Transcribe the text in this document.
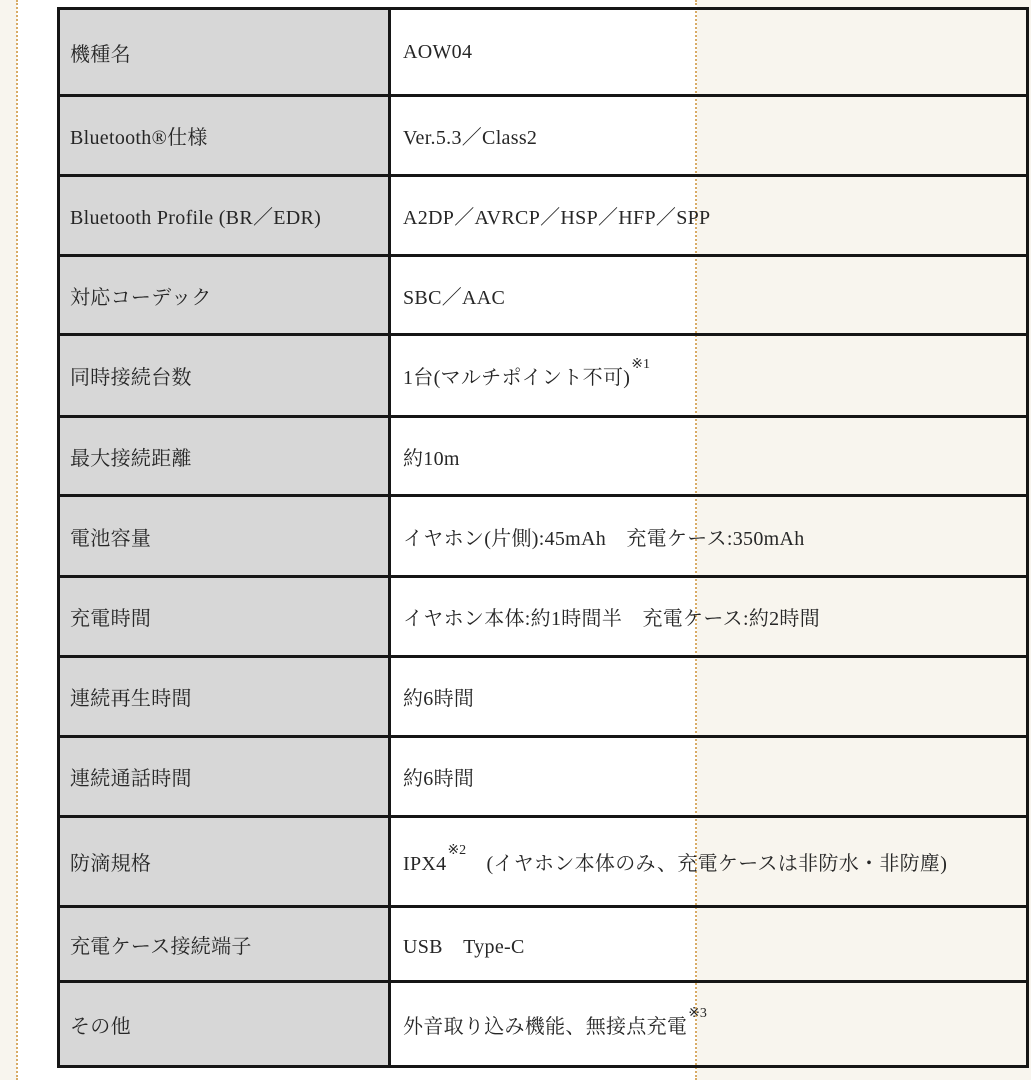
機種名	AOW04
Bluetooth®仕様	Ver.5.3／Class2
Bluetooth Profile (BR／EDR)	A2DP／AVRCP／HSP／HFP／SPP
対応コーデック	SBC／AAC
同時接続台数	1台(マルチポイント不可)$^{※1}$
最大接続距離	約10m
電池容量	イヤホン(片側):45mAh　充電ケース:350mAh
充電時間	イヤホン本体:約1時間半　充電ケース:約2時間
連続再生時間	約6時間
連続通話時間	約6時間
防滴規格	IPX4$^{※2}$　(イヤホン本体のみ、充電ケースは非防水・非防塵)
充電ケース接続端子	USB　Type-C
その他	外音取り込み機能、無接点充電$^{※3}$
